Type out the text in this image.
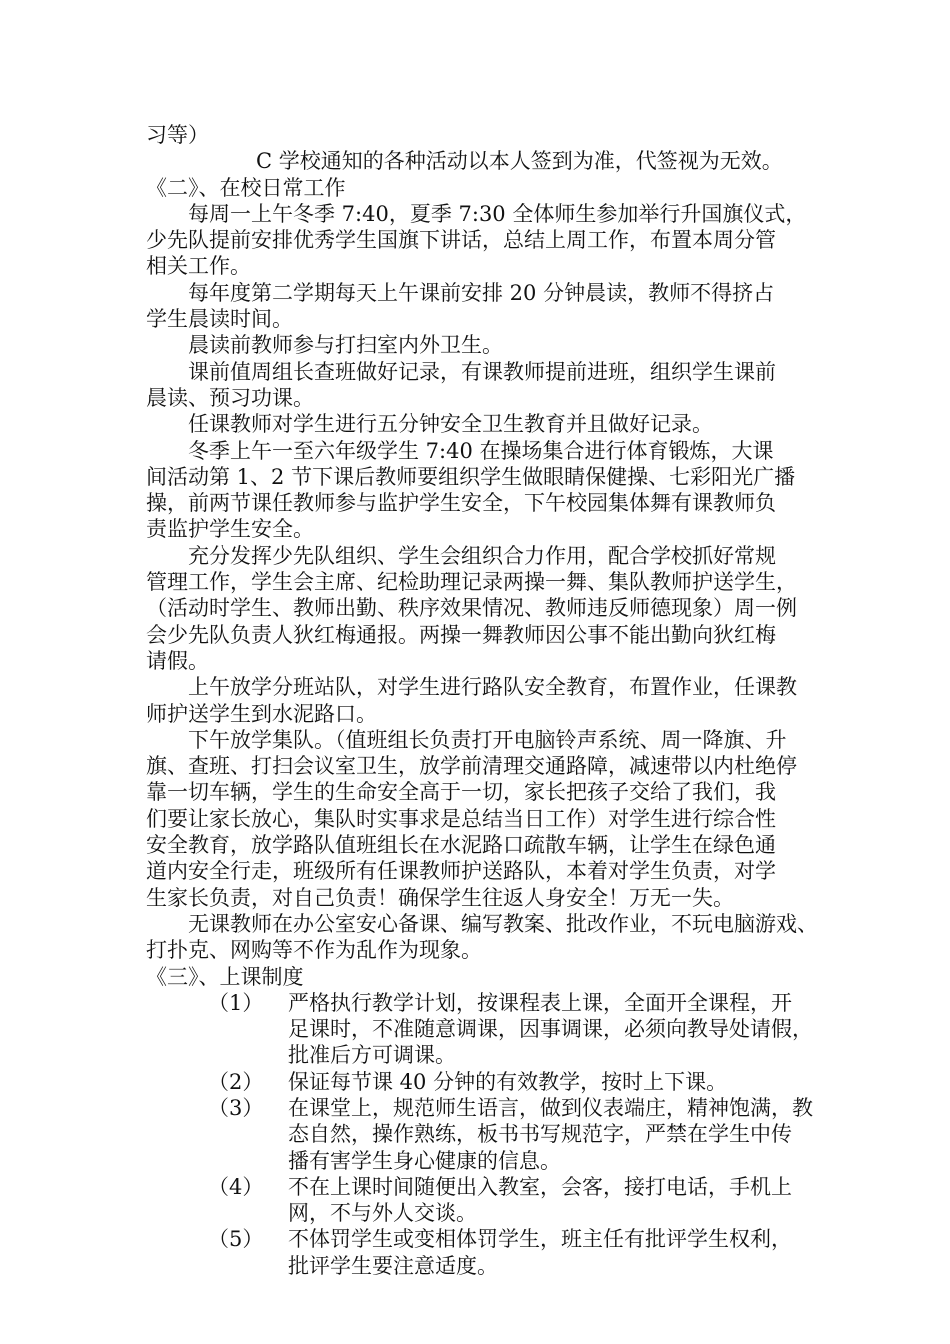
习等）
C 学校通知的各种活动以本人签到为准，代签视为无效。
《二》、在校日常工作
每周一上午冬季 7:40，夏季 7:30 全体师生参加举行升国旗仪式，
少先队提前安排优秀学生国旗下讲话，总结上周工作，布置本周分管
相关工作。
每年度第二学期每天上午课前安排 20 分钟晨读，教师不得挤占
学生晨读时间。
晨读前教师参与打扫室内外卫生。
课前值周组长查班做好记录，有课教师提前进班，组织学生课前
晨读、预习功课。
任课教师对学生进行五分钟安全卫生教育并且做好记录。
冬季上午一至六年级学生 7:40 在操场集合进行体育锻炼，大课
间活动第 1、2 节下课后教师要组织学生做眼睛保健操、七彩阳光广播
操，前两节课任教师参与监护学生安全，下午校园集体舞有课教师负
责监护学生安全。
充分发挥少先队组织、学生会组织合力作用，配合学校抓好常规
管理工作，学生会主席、纪检助理记录两操一舞、集队教师护送学生，
（活动时学生、教师出勤、秩序效果情况、教师违反师德现象）周一例
会少先队负责人狄红梅通报。两操一舞教师因公事不能出勤向狄红梅
请假。
上午放学分班站队，对学生进行路队安全教育，布置作业，任课教
师护送学生到水泥路口。
下午放学集队。（值班组长负责打开电脑铃声系统、周一降旗、升
旗、查班、打扫会议室卫生，放学前清理交通路障，减速带以内杜绝停
靠一切车辆，学生的生命安全高于一切，家长把孩子交给了我们，我
们要让家长放心，集队时实事求是总结当日工作）对学生进行综合性
安全教育，放学路队值班组长在水泥路口疏散车辆，让学生在绿色通
道内安全行走，班级所有任课教师护送路队，本着对学生负责，对学
生家长负责，对自己负责！确保学生往返人身安全！万无一失。
无课教师在办公室安心备课、编写教案、批改作业，不玩电脑游戏、
打扑克、网购等不作为乱作为现象。
《三》、上课制度
（1） 严格执行教学计划，按课程表上课，全面开全课程，开
足课时，不准随意调课，因事调课，必须向教导处请假，
批准后方可调课。
（2） 保证每节课 40 分钟的有效教学，按时上下课。
（3） 在课堂上，规范师生语言，做到仪表端庄，精神饱满，教
态自然，操作熟练，板书书写规范字，严禁在学生中传
播有害学生身心健康的信息。
（4） 不在上课时间随便出入教室，会客，接打电话，手机上
网，不与外人交谈。
（5） 不体罚学生或变相体罚学生，班主任有批评学生权利，
批评学生要注意适度。
